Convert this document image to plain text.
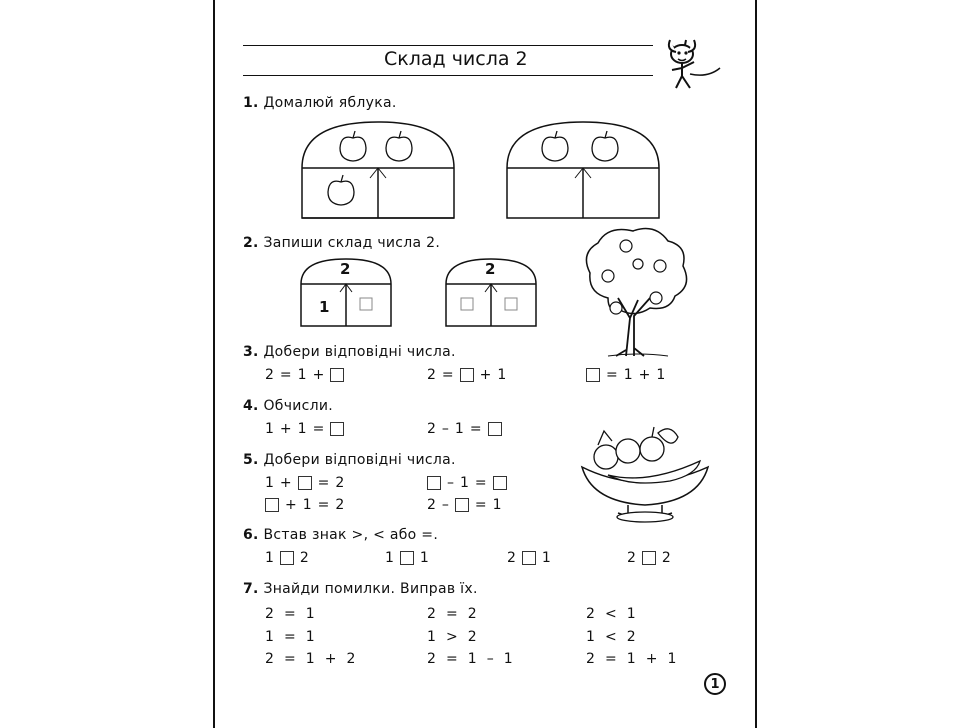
Склад числа 2
1. Домалюй яблука.
2. Запиши склад числа 2.
3. Добери відповідні числа.
4. Обчисли.
5. Добери відповідні числа.
6. Встав знак >, < або =.
7. Знайди помилки. Виправ їх.
2
1
2
2 = 1 +	2 = + 1	= 1 + 1
1 + 1 =	2 – 1 =
1 + = 2	– 1 =
+ 1 = 2	2 – = 1
1 2	1 1	2 1	2 2
2 = 1	2 = 2	2 < 1
1 = 1	1 > 2	1 < 2
2 = 1 + 2	2 = 1 – 1	2 = 1 + 1
1
